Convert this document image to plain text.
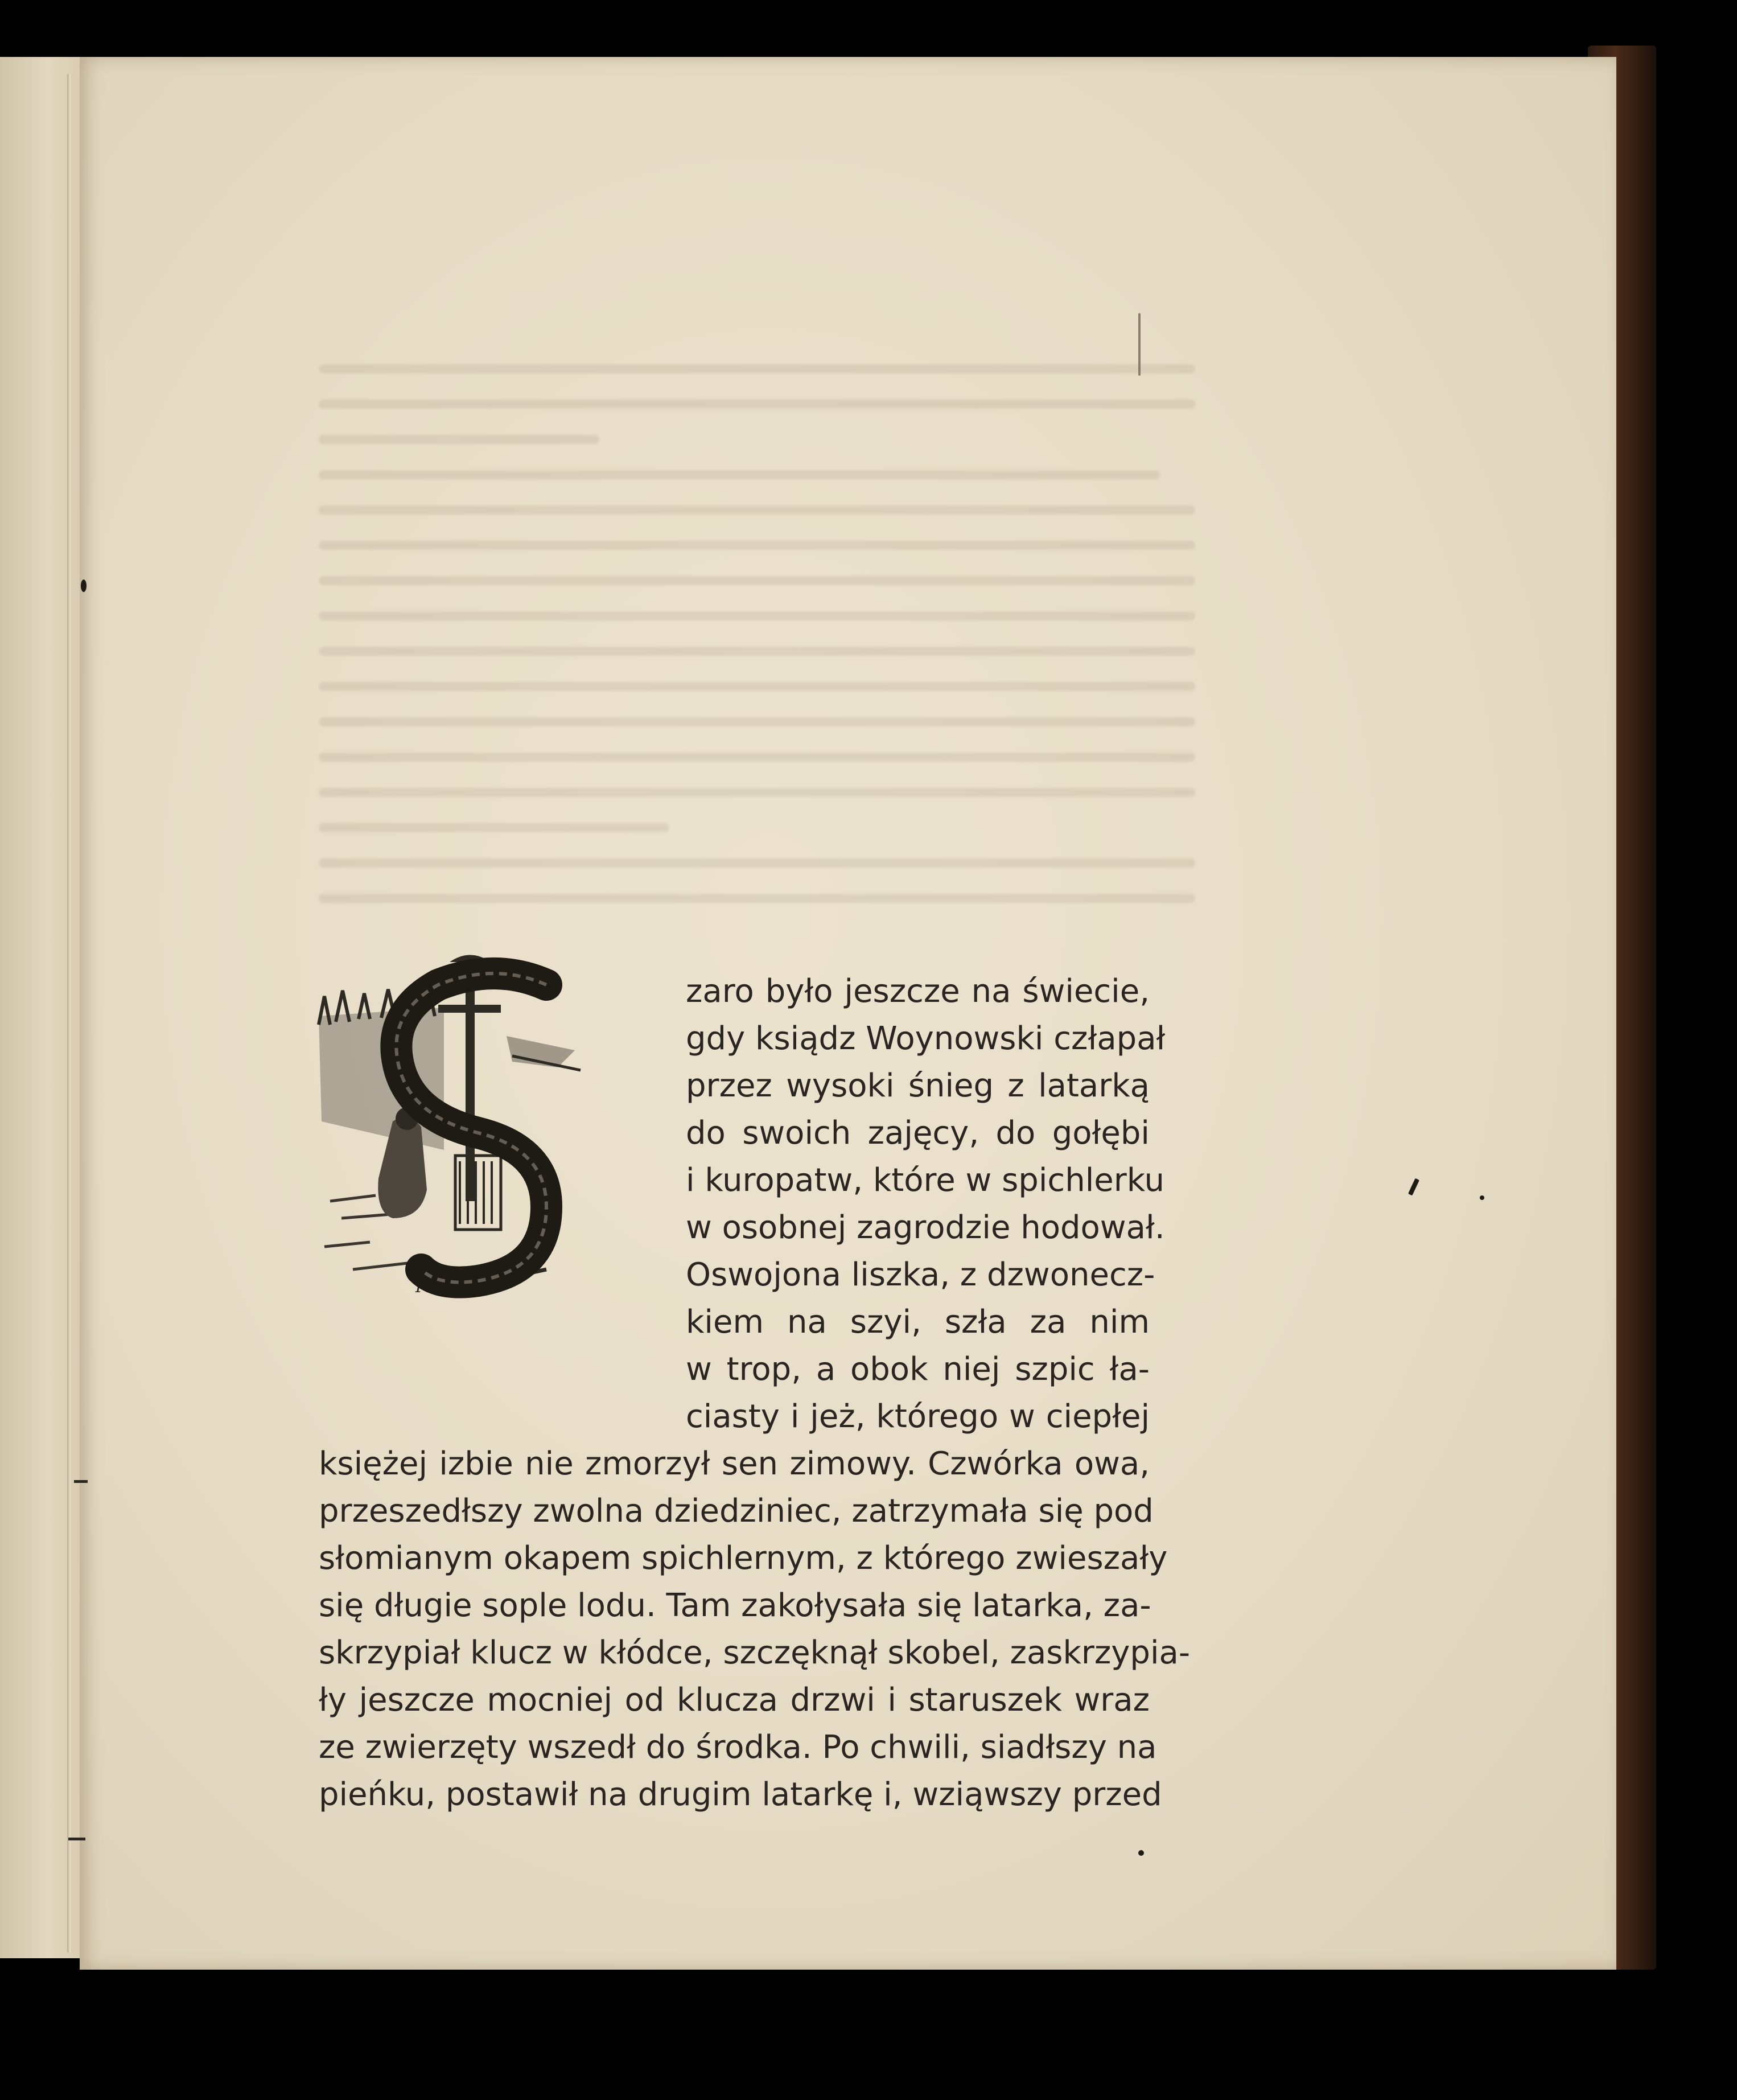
Pstr.
zaro było jeszcze na świecie,
gdy ksiądz Woynowski człapał
przez wysoki śnieg z latarką
do swoich zajęcy, do gołębi
i kuropatw, które w spichlerku
w osobnej zagrodzie hodował.
Oswojona liszka, z dzwonecz-
kiem na szyi, szła za nim
w trop, a obok niej szpic ła-
ciasty i jeż, którego w ciepłej
księżej izbie nie zmorzył sen zimowy. Czwórka owa,
przeszedłszy zwolna dziedziniec, zatrzymała się pod
słomianym okapem spichlernym, z którego zwieszały
się długie sople lodu. Tam zakołysała się latarka, za-
skrzypiał klucz w kłódce, szczęknął skobel, zaskrzypia-
ły jeszcze mocniej od klucza drzwi i staruszek wraz
ze zwierzęty wszedł do środka. Po chwili, siadłszy na
pieńku, postawił na drugim latarkę i, wziąwszy przed
